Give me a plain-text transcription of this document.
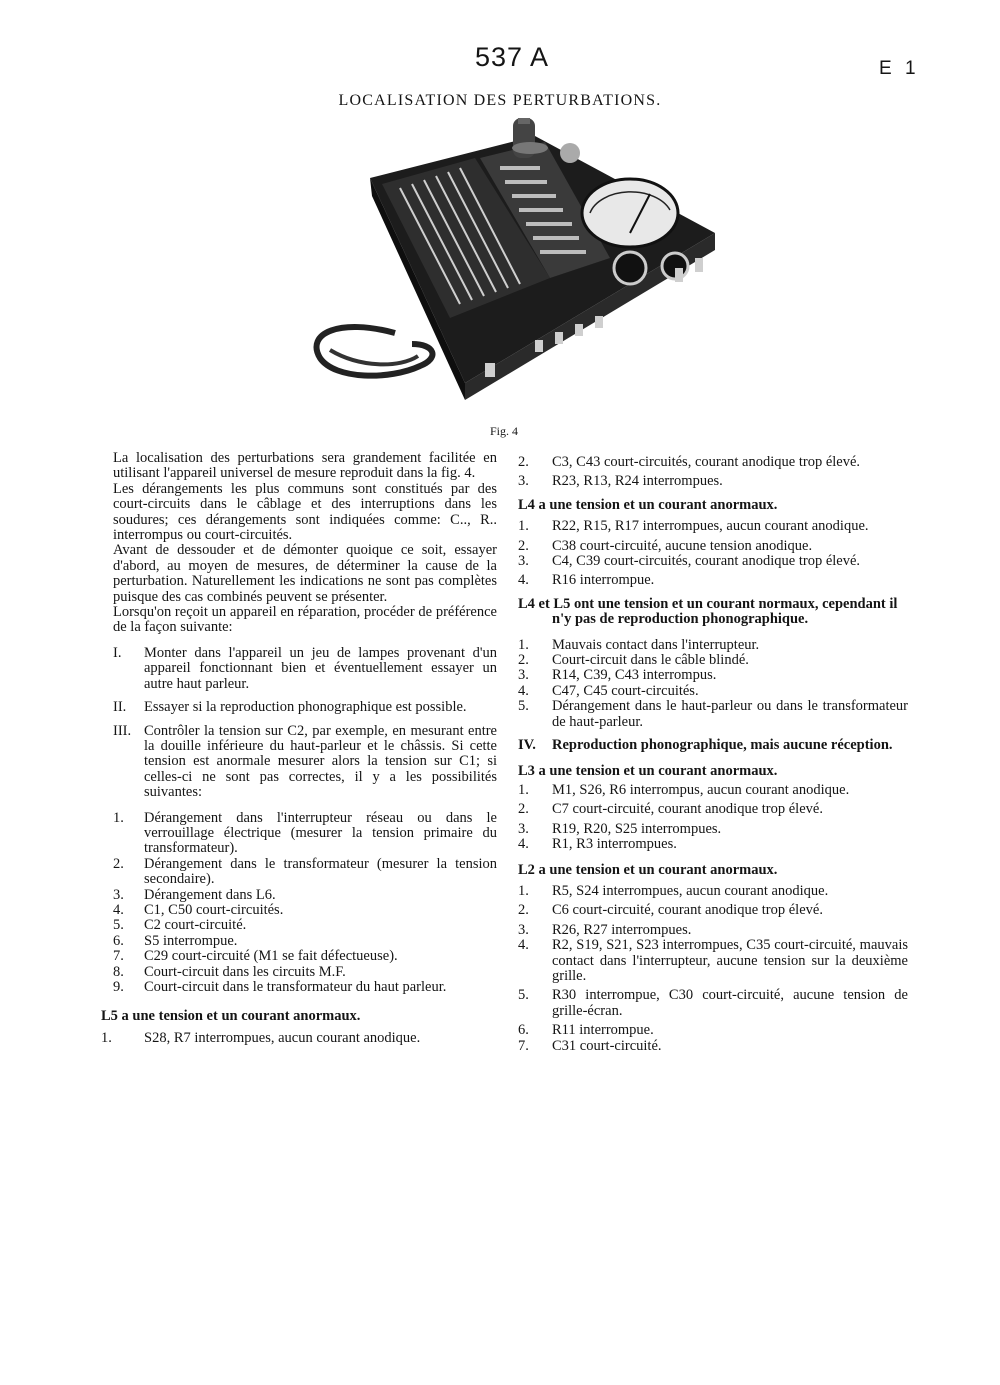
537 A	E 1
LOCALISATION DES PERTURBATIONS.
Fig. 4

La localisation des perturbations sera grandement facilitée en utilisant l'appareil universel de mesure reproduit dans la fig. 4.

Les dérangements les plus communs sont constitués par des court-circuits dans le câblage et des interruptions dans les soudures; ces dérangements sont indiquées comme: C.., R.. interrompus ou court-circuités.

Avant de dessouder et de démonter quoique ce soit, essayer d'abord, au moyen de mesures, de déterminer la cause de la perturbation. Naturellement les indications ne sont pas complètes puisque des cas combinés peuvent se présenter.

Lorsqu'on reçoit un appareil en réparation, procéder de préférence de la façon suivante:

I.	Monter dans l'appareil un jeu de lampes provenant d'un appareil fonctionnant bien et éventuellement essayer un autre haut parleur.
II.	Essayer si la reproduction phonographique est possible.
III. Contrôler la tension sur C2, par exemple, en mesurant entre la douille inférieure du haut-parleur et le châssis. Si cette tension est anormale mesurer alors la tension sur C1; si celles-ci ne sont pas correctes, il y a les possibilités suivantes:
1.	Dérangement dans l'interrupteur réseau ou dans le verrouillage électrique (mesurer la tension primaire du transformateur).
2.	Dérangement dans le transformateur (mesurer la tension secondaire).
3.	Dérangement dans L6.
4.	C1, C50 court-circuités.
5.	C2 court-circuité.
6.	S5 interrompue.
7.	C29 court-circuité (M1 se fait défectueuse).
8.	Court-circuit dans les circuits M.F.
9.	Court-circuit dans le transformateur du haut parleur.

L5 a une tension et un courant anormaux.

1.	S28, R7 interrompues, aucun courant anodique.
2.	C3, C43 court-circuités, courant anodique trop élevé.
3.	R23, R13, R24 interrompues.

L4 a une tension et un courant anormaux.

1.	R22, R15, R17 interrompues, aucun courant anodique.
2.	C38 court-circuité, aucune tension anodique.
3.	C4, C39 court-circuités, courant anodique trop élevé.
4.	R16 interrompue.

L4 et L5 ont une tension et un courant normaux, cependant il n'y pas de reproduction phonographique.

1.	Mauvais contact dans l'interrupteur.
2.	Court-circuit dans le câble blindé.
3.	R14, C39, C43 interrompus.
4.	C47, C45 court-circuités.
5.	Dérangement dans le haut-parleur ou dans le transformateur de haut-parleur.
IV.	Reproduction phonographique, mais aucune réception.

L3 a une tension et un courant anormaux.

1.	M1, S26, R6 interrompus, aucun courant anodique.
2.	C7 court-circuité, courant anodique trop élevé.
3.	R19, R20, S25 interrompues.
4.	R1, R3 interrompues.

L2 a une tension et un courant anormaux.

1.	R5, S24 interrompues, aucun courant anodique.
2.	C6 court-circuité, courant anodique trop élevé.
3.	R26, R27 interrompues.
4.	R2, S19, S21, S23 interrompues, C35 court-circuité, mauvais contact dans l'interrupteur, aucune tension sur la deuxième grille.
5.	R30 interrompue, C30 court-circuité, aucune tension de grille-écran.
6.	R11 interrompue.
7.	C31 court-circuité.
